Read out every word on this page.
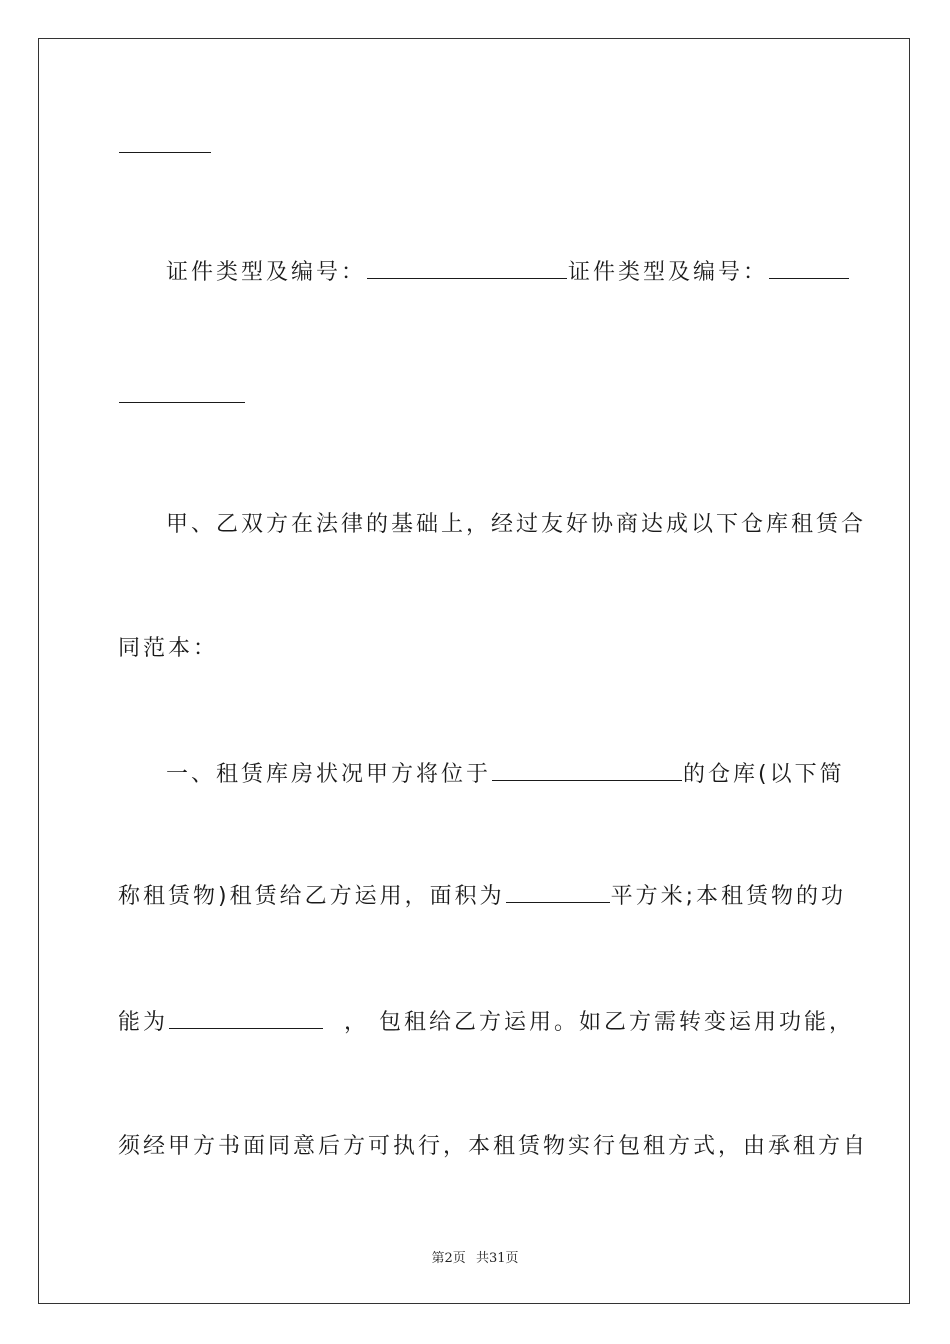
证件类型及编号：	证件类型及编号：
甲、乙双方在法律的基础上，经过友好协商达成以下仓库租赁合
同范本：
一、租赁库房状况甲方将位于	的仓库(以下简
称租赁物)租赁给乙方运用，面积为	平方米;本租赁物的功
能为	， 包租给乙方运用。如乙方需转变运用功能，
须经甲方书面同意后方可执行，本租赁物实行包租方式，由承租方自
第2页 共31页
